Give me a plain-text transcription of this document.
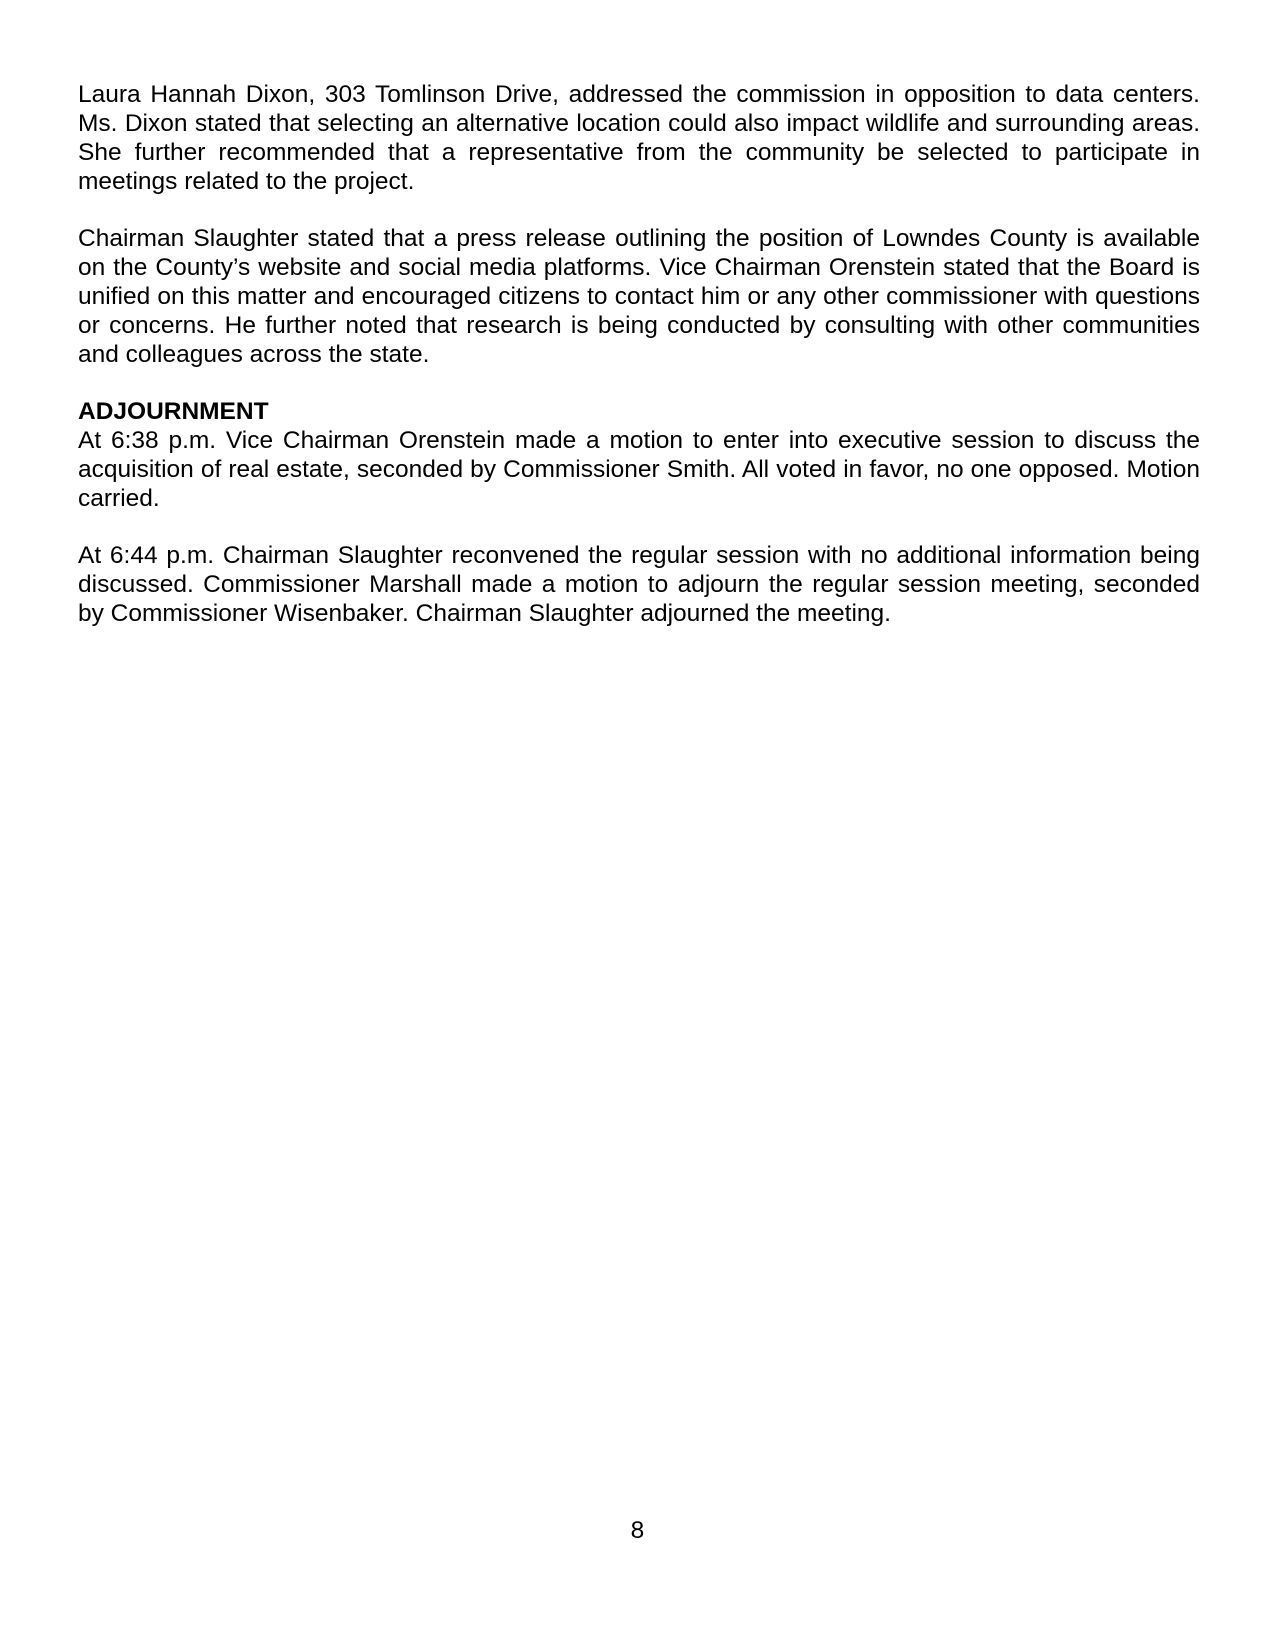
Laura Hannah Dixon, 303 Tomlinson Drive, addressed the commission in opposition to data centers. Ms. Dixon stated that selecting an alternative location could also impact wildlife and surrounding areas. She further recommended that a representative from the community be selected to participate in meetings related to the project.

Chairman Slaughter stated that a press release outlining the position of Lowndes County is available on the County’s website and social media platforms. Vice Chairman Orenstein stated that the Board is unified on this matter and encouraged citizens to contact him or any other commissioner with questions or concerns. He further noted that research is being conducted by consulting with other communities and colleagues across the state.

ADJOURNMENT

At 6:38 p.m. Vice Chairman Orenstein made a motion to enter into executive session to discuss the acquisition of real estate, seconded by Commissioner Smith. All voted in favor, no one opposed. Motion carried.

At 6:44 p.m. Chairman Slaughter reconvened the regular session with no additional information being discussed. Commissioner Marshall made a motion to adjourn the regular session meeting, seconded by Commissioner Wisenbaker. Chairman Slaughter adjourned the meeting.

8
